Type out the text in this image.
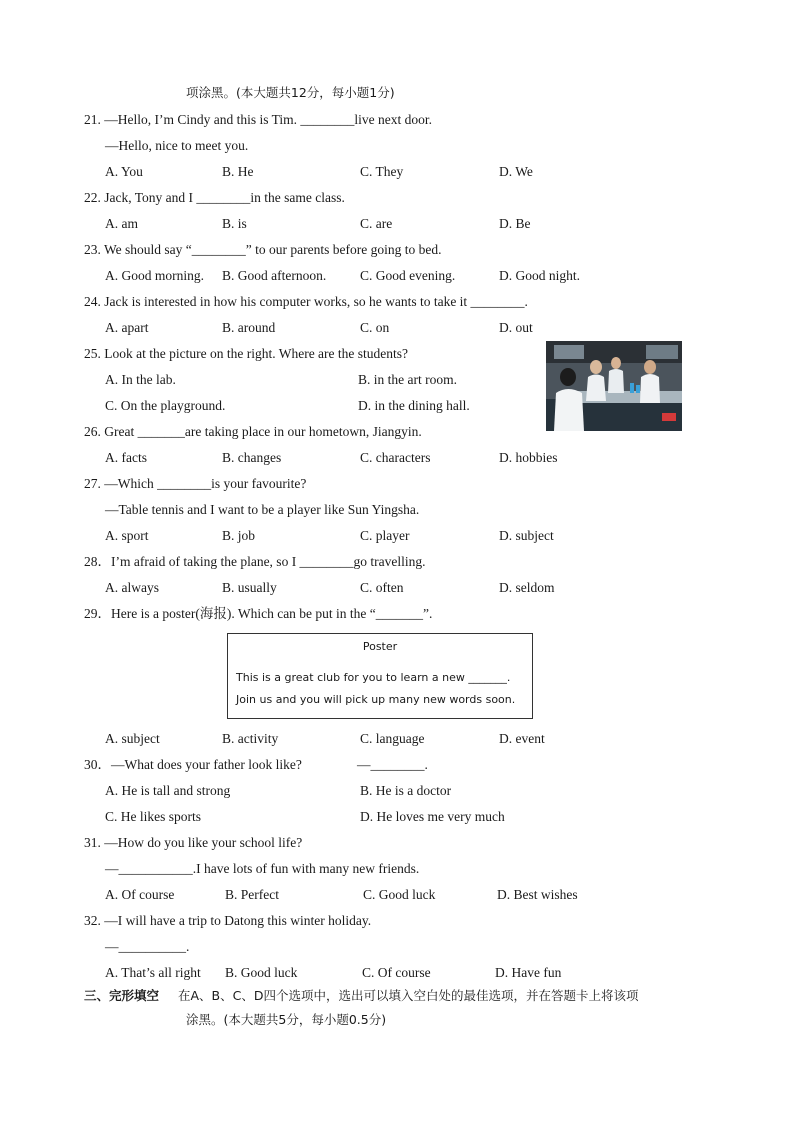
项涂黑。(本大题共12分，每小题1分)
21. —Hello, I’m Cindy and this is Tim. ________live next door.
—Hello, nice to meet you.
A. You	B. He	C. They	D. We
22. Jack, Tony and I ________in the same class.
A. am	B. is	C. are	D. Be
23. We should say “________” to our parents before going to bed.
A. Good morning. B. Good afternoon.	C. Good evening.	D. Good night.
24. Jack is interested in how his computer works, so he wants to take it ________.
A. apart	B. around	C. on	D. out
25. Look at the picture on the right. Where are the students?
A. In the lab.	B. in the art room.
C. On the playground.	D. in the dining hall.
26. Great _______are taking place in our hometown, Jiangyin.
A. facts	B. changes	C. characters	D. hobbies
27. —Which ________is your favourite?
—Table tennis and I want to be a player like Sun Yingsha.
A. sport	B. job	C. player	D. subject
28．I’m afraid of taking the plane, so I ________go travelling.
A. always	B. usually	C. often	D. seldom
29．Here is a poster(海报). Which can be put in the “_______”.
Poster
This is a great club for you to learn a new _______.
Join us and you will pick up many new words soon.
A. subject	B. activity	C. language	D. event
30．—What does your father look like?	—________.
A. He is tall and strong	B. He is a doctor
C. He likes sports	D. He loves me very much
31. —How do you like your school life?
—___________.I have lots of fun with many new friends.
A. Of course	B. Perfect	C. Good luck	D. Best wishes
32. —I will have a trip to Datong this winter holiday.
—__________.
A. That’s all right B. Good luck	C. Of course	D. Have fun
三、完形填空 在A、B、C、D四个选项中，选出可以填入空白处的最佳选项，并在答题卡上将该项
涂黑。(本大题共5分，每小题0.5分)
